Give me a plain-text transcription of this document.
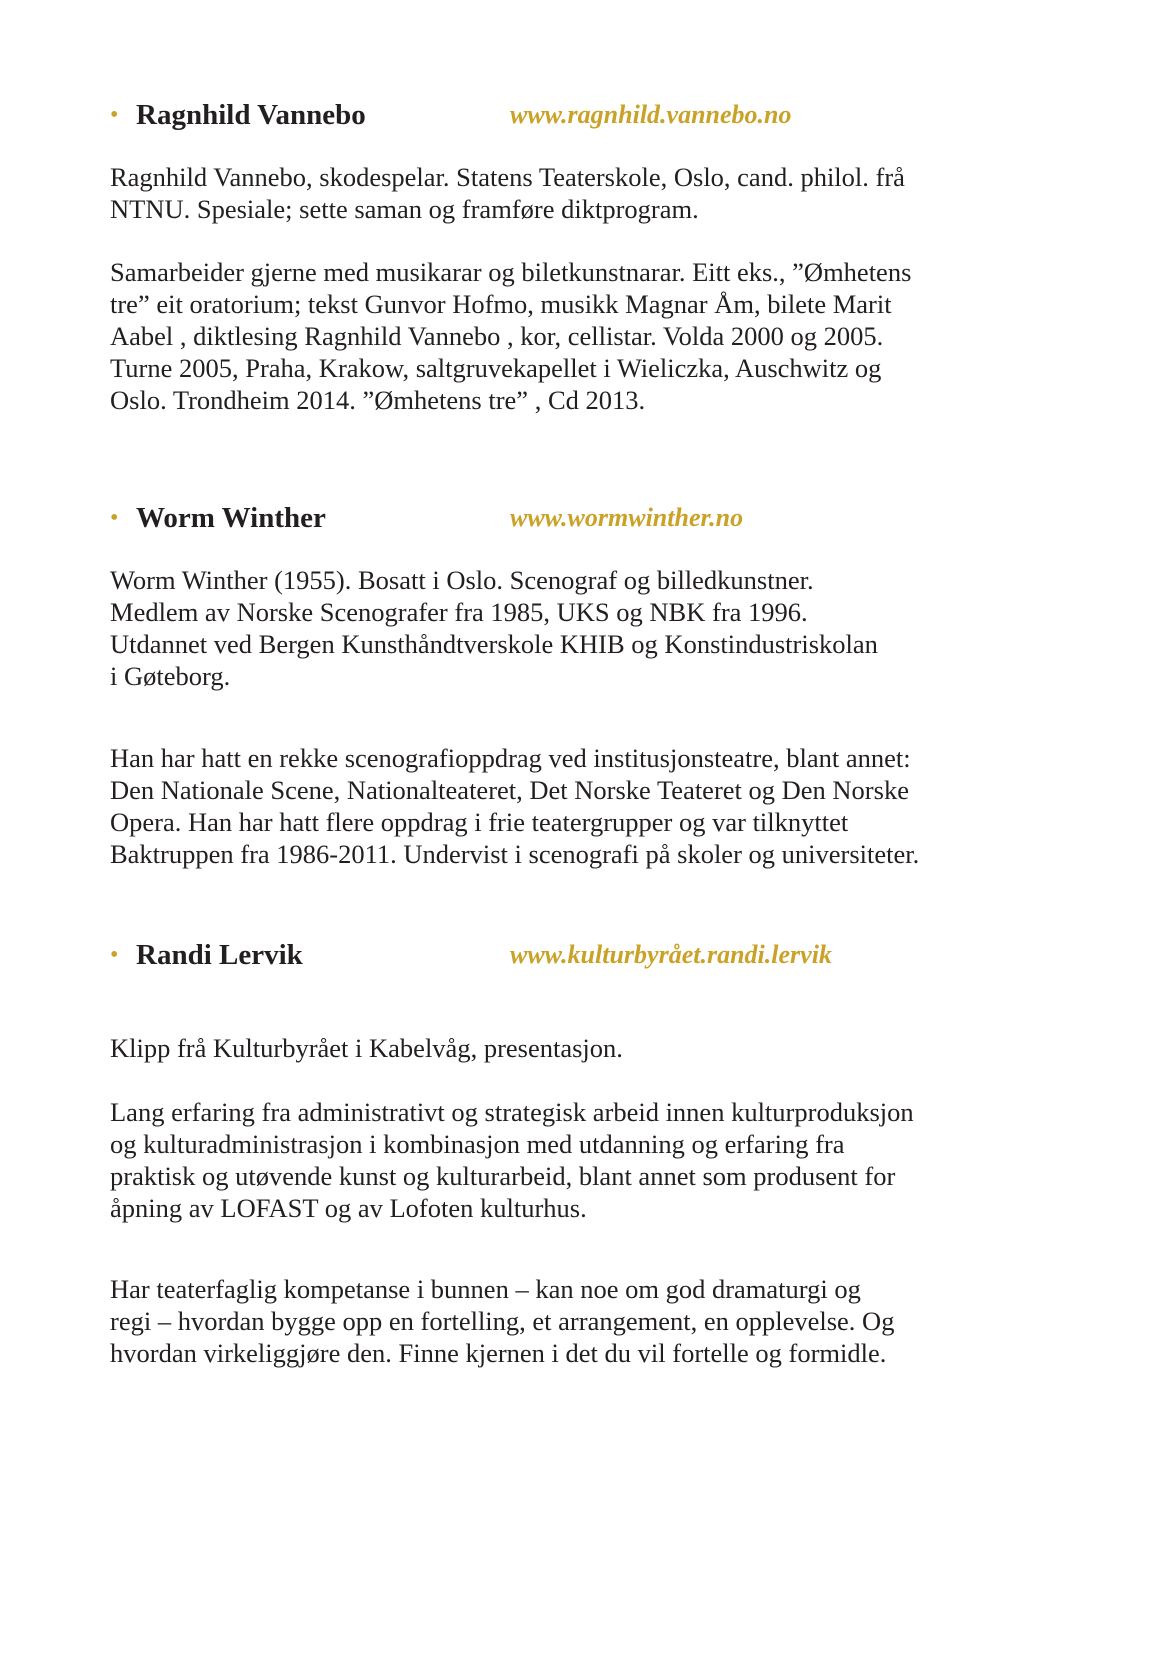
• Ragnhild Vannebo	www.ragnhild.vannebo.no

Ragnhild Vannebo, skodespelar. Statens Teaterskole, Oslo, cand. philol. frå
NTNU. Spesiale; sette saman og framføre diktprogram.

Samarbeider gjerne med musikarar og biletkunstnarar. Eitt eks., ”Ømhetens
tre” eit oratorium; tekst Gunvor Hofmo, musikk Magnar Åm, bilete Marit
Aabel , diktlesing Ragnhild Vannebo , kor, cellistar. Volda 2000 og 2005.
Turne 2005, Praha, Krakow, saltgruvekapellet i Wieliczka, Auschwitz og
Oslo. Trondheim 2014. ”Ømhetens tre” , Cd 2013.

• Worm Winther	www.wormwinther.no

Worm Winther (1955). Bosatt i Oslo. Scenograf og billedkunstner.
Medlem av Norske Scenografer fra 1985, UKS og NBK fra 1996.
Utdannet ved Bergen Kunsthåndtverskole KHIB og Konstindustriskolan
i Gøteborg.

Han har hatt en rekke scenografioppdrag ved institusjonsteatre, blant annet:
Den Nationale Scene, Nationalteateret, Det Norske Teateret og Den Norske
Opera. Han har hatt flere oppdrag i frie teatergrupper og var tilknyttet
Baktruppen fra 1986-2011. Undervist i scenografi på skoler og universiteter.

• Randi Lervik	www.kulturbyrået.randi.lervik

Klipp frå Kulturbyrået i Kabelvåg, presentasjon.

Lang erfaring fra administrativt og strategisk arbeid innen kulturproduksjon
og kulturadministrasjon i kombinasjon med utdanning og erfaring fra
praktisk og utøvende kunst og kulturarbeid, blant annet som produsent for
åpning av LOFAST og av Lofoten kulturhus.

Har teaterfaglig kompetanse i bunnen – kan noe om god dramaturgi og
regi – hvordan bygge opp en fortelling, et arrangement, en opplevelse. Og
hvordan virkeliggjøre den. Finne kjernen i det du vil fortelle og formidle.
